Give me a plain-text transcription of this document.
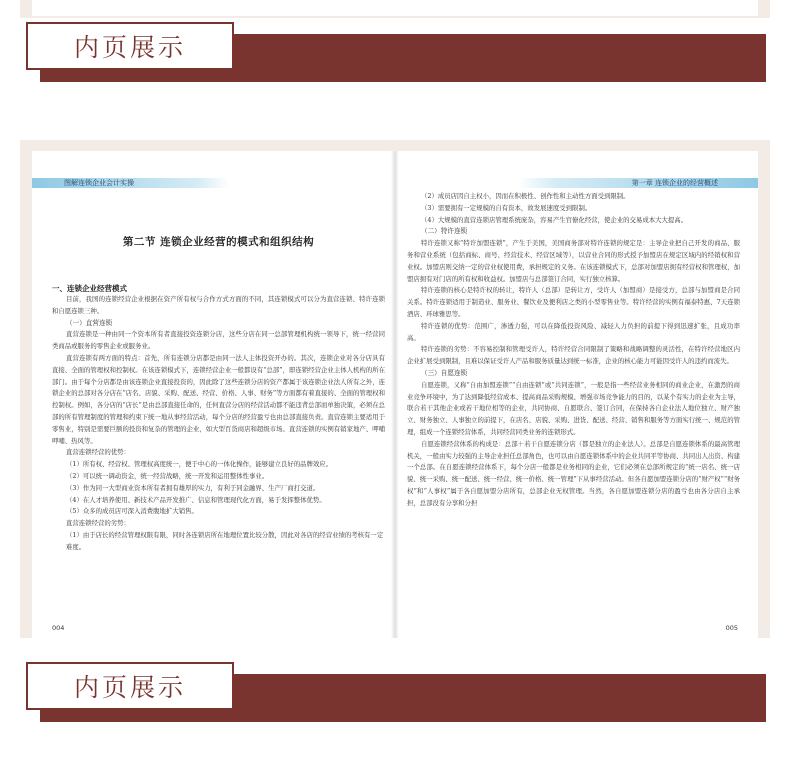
内页展示
图解连锁企业会计实操
第二节 连锁企业经营的模式和组织结构
一、连锁企业经营模式

目前，我国的连锁经营企业根据在资产所有权与合作方式方面的不同，其连锁模式可以分为直营连锁、特许连锁和自愿连锁三种。

（一）直营连锁

直营连锁是一种由同一个资本所有者直接投资连锁分店，这些分店在同一总部管理机构统一领导下，统一经营同类商品或服务的零售企业或服务业。

直营连锁有两方面的特点：首先，所有连锁分店都是由同一法人主体投资开办的。其次，连锁企业对各分店具有直接、全面的管理权和控制权。在该连锁模式下，连锁经营企业一般都设有“总部”，即连锁经营企业主体人机构的所在部门。由于每个分店都是由该连锁企业直接投资的，因此除了这些连锁分店的资产都属于该连锁企业法人所有之外，连锁企业的总部对各分店在“店名、店貌、采购、配送、经营、价格、人事、财务”等方面都有着直接的、全面的管理权和控制权。例如，各分店的“店长”是由总部直接任命的，任何直营分店的经营活动都不能违背总部而单独决策，必须在总部的所有管理制度的管理和约束下统一地从事经营活动，每个分店的经营盈亏也由总部直接负责。直营连锁主要适用于零售业，特别是需要巨额的投资和复杂的管理的企业，如大型百货商店和超级市场。直营连锁的实例有销家地产、呷哺呷哺、热风等。

直营连锁经营的优势：

（1）所有权、经营权、管理权高度统一，便于中心的一体化操作，能够建立良好的品牌效应。

（2）可以统一调动资金，统一经营战略，统一开发和运用整体性事业。

（3）作为同一大型商业资本所有者拥有雄厚的实力，有利于同金融界、生产厂商打交道。

（4）在人才培养使用、新技术产品开发推广、信息和管理现代化方面，易于发挥整体优势。

（5）众多的成员店可深入消费腹地扩大销售。

直营连锁经营的劣势：

（1）由于店长的经营管理权限有限，同时各连锁店所在地理位置比较分散，因此对各店的经营业绩的考核有一定难度。

004
第一章 连锁企业的经营概述

（2）成员店因自主权小，因而在积极性、创作性和主动性方面受到限制。

（3）需要拥有一定规模的自有资本，故发展速度受到限制。

（4）大规模的直营连锁店管理系统庞杂，容易产生官僚化经营，使企业的交易成本大大提高。

（二）特许连锁

特许连锁又称“特许加盟连锁”，产生于美国，美国商务部对特许连锁的规定是：主导企业把自己开发的商品、服务和营业系统（包括商标、商号、经营技术、经营区域等），以营业合同的形式授予加盟店在规定区域内的经销权和营业权。加盟店则交纳一定的营业权使用费，承担规定的义务。在该连锁模式下，总部对加盟店拥有经营权和管理权，加盟店拥有对门店的所有权和收益权。加盟店与总部签订合同，实行独立核算。

特许连锁的核心是特许权的转让，特许人（总部）是转让方，受许人（加盟商）是接受方，总部与加盟商是合同关系。特许连锁适用于制造业、服务业、餐饮业及便利店之类的小型零售业等。特许经营的实例有福泰特惠、7天连锁酒店、环球雅思等。

特许连锁的优势：范围广，渗透力强，可以在降低投资风险、减轻人力负担的前提下得到迅速扩张，且成功率高。

特许连锁的劣势：不容易控制和管理受许人，特许经营合同限制了策略和战略调整的灵活性，在特许经营地区内企业扩展受到限制，且难以保证受许人产品和服务质量达到统一标准，企业的核心能力可能因受许人的违约而流失。

（三）自愿连锁

自愿连锁，又称“自由加盟连锁”“自由连锁”或“共同连锁”，一般是指一些经营业务相同的商业企业，在激烈的商业竞争环境中，为了达到降低经营成本、提高商品采购规模、增强市场竞争能力的目的，以某个有实力的企业为主导，联合若干其他企业或若干地位相等的企业，共同协商、自愿联合、签订合同，在保持各自企业法人地位独立、财产独立、财务独立、人事独立的前提下，在店名、店貌、采购、进货、配送、经营、销售和服务等方面实行统一、规范的管理，组成一个连锁经营体系，共同经营同类业务的连锁形式。

自愿连锁经营体系的构成是：总部＋若干自愿连锁分店（都是独立的企业法人）。总部是自愿连锁体系的最高管理机关，一般由实力较强的主导企业担任总部角色，也可以由自愿连锁体系中的企业共同平等协商、共同出人出资、构建一个总部。在自愿连锁经营体系下，每个分店一般都是业务相同的企业，它们必须在总部所规定的“统一店名、统一店貌、统一采购、统一配送、统一经营、统一价格、统一管理”下从事经营活动。但各自愿加盟连锁分店的“财产权”“财务权”和“人事权”属于各自愿加盟分店所有，总部企业无权管理。当然，各自愿加盟连锁分店的盈亏也由各分店自主承担，总部没有分享和分担

005
内页展示
